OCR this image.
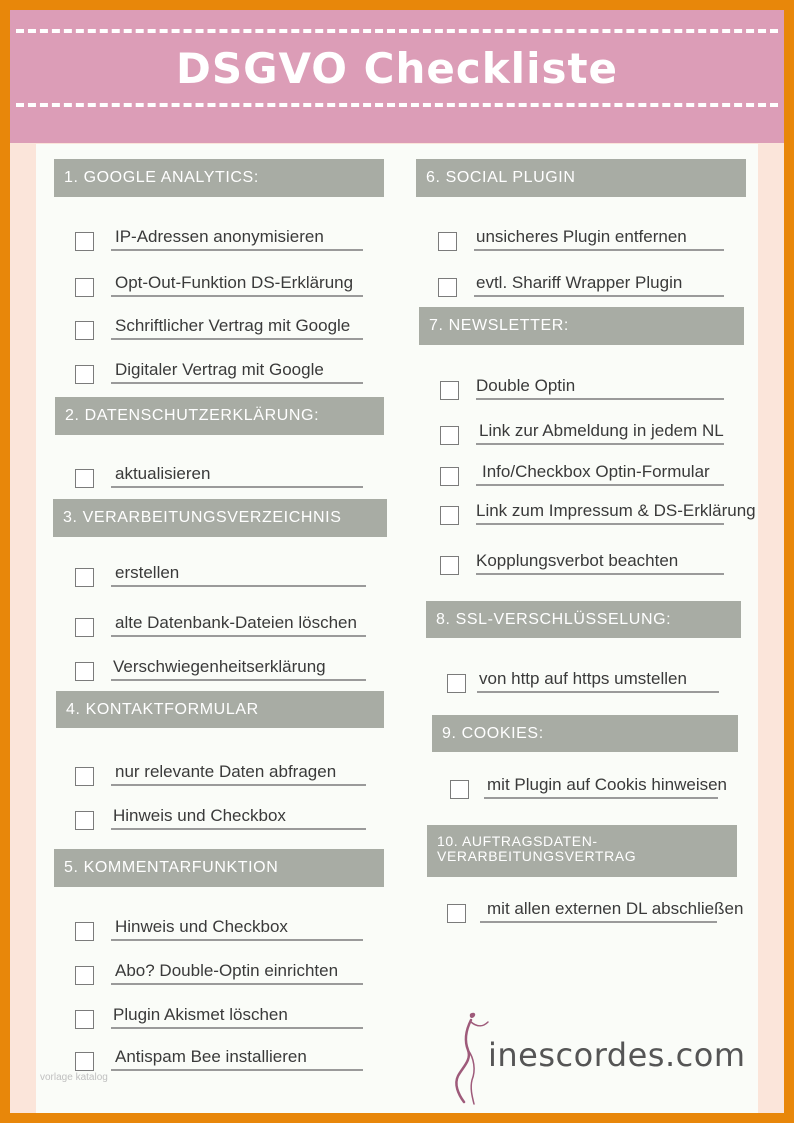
DSGVO Checkliste
1. GOOGLE ANALYTICS:
IP-Adressen anonymisieren
Opt-Out-Funktion DS-Erklärung
Schriftlicher Vertrag mit Google
Digitaler Vertrag mit Google
2. DATENSCHUTZERKLÄRUNG:
aktualisieren
3. VERARBEITUNGSVERZEICHNIS
erstellen
alte Datenbank-Dateien löschen
Verschwiegenheitserklärung
4. KONTAKTFORMULAR
nur relevante Daten abfragen
Hinweis und Checkbox
5. KOMMENTARFUNKTION
Hinweis und Checkbox
Abo? Double-Optin einrichten
Plugin Akismet löschen
Antispam Bee installieren
6. SOCIAL PLUGIN
unsicheres Plugin entfernen
evtl. Shariff Wrapper Plugin
7. NEWSLETTER:
Double Optin
Link zur Abmeldung in jedem NL
Info/Checkbox Optin-Formular
Link zum Impressum & DS-Erklärung
Kopplungsverbot beachten
8. SSL-VERSCHLÜSSELUNG:
von http auf https umstellen
9. COOKIES:
mit Plugin auf Cookis hinweisen
10. AUFTRAGSDATEN-
VERARBEITUNGSVERTRAG
mit allen externen DL abschließen
inescordes.com
vorlage katalog
